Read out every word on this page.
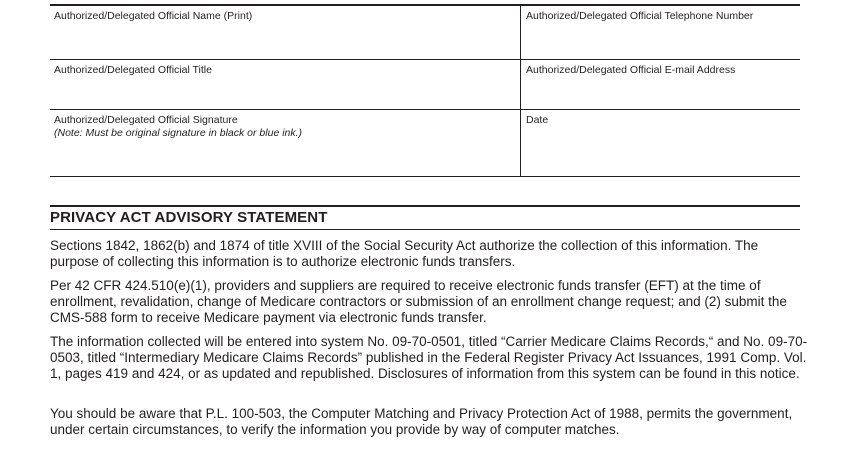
Authorized/Delegated Official Name (Print)	Authorized/Delegated Official Telephone Number
Authorized/Delegated Official Title	Authorized/Delegated Official E-mail Address
Authorized/Delegated Official Signature
(Note: Must be original signature in black or blue ink.)
Date
PRIVACY ACT ADVISORY STATEMENT

Sections 1842, 1862(b) and 1874 of title XVIII of the Social Security Act authorize the collection of this information. The purpose of collecting this information is to authorize electronic funds transfers.

Per 42 CFR 424.510(e)(1), providers and suppliers are required to receive electronic funds transfer (EFT) at the time of enrollment, revalidation, change of Medicare contractors or submission of an enrollment change request; and (2) submit the CMS-588 form to receive Medicare payment via electronic funds transfer.

The information collected will be entered into system No. 09-70-0501, titled “Carrier Medicare Claims Records,“ and No. 09-70-0503, titled “Intermediary Medicare Claims Records” published in the Federal Register Privacy Act Issuances, 1991 Comp. Vol. 1, pages 419 and 424, or as updated and republished. Disclosures of information from this system can be found in this notice.

You should be aware that P.L. 100-503, the Computer Matching and Privacy Protection Act of 1988, permits the government, under certain circumstances, to verify the information you provide by way of computer matches.
